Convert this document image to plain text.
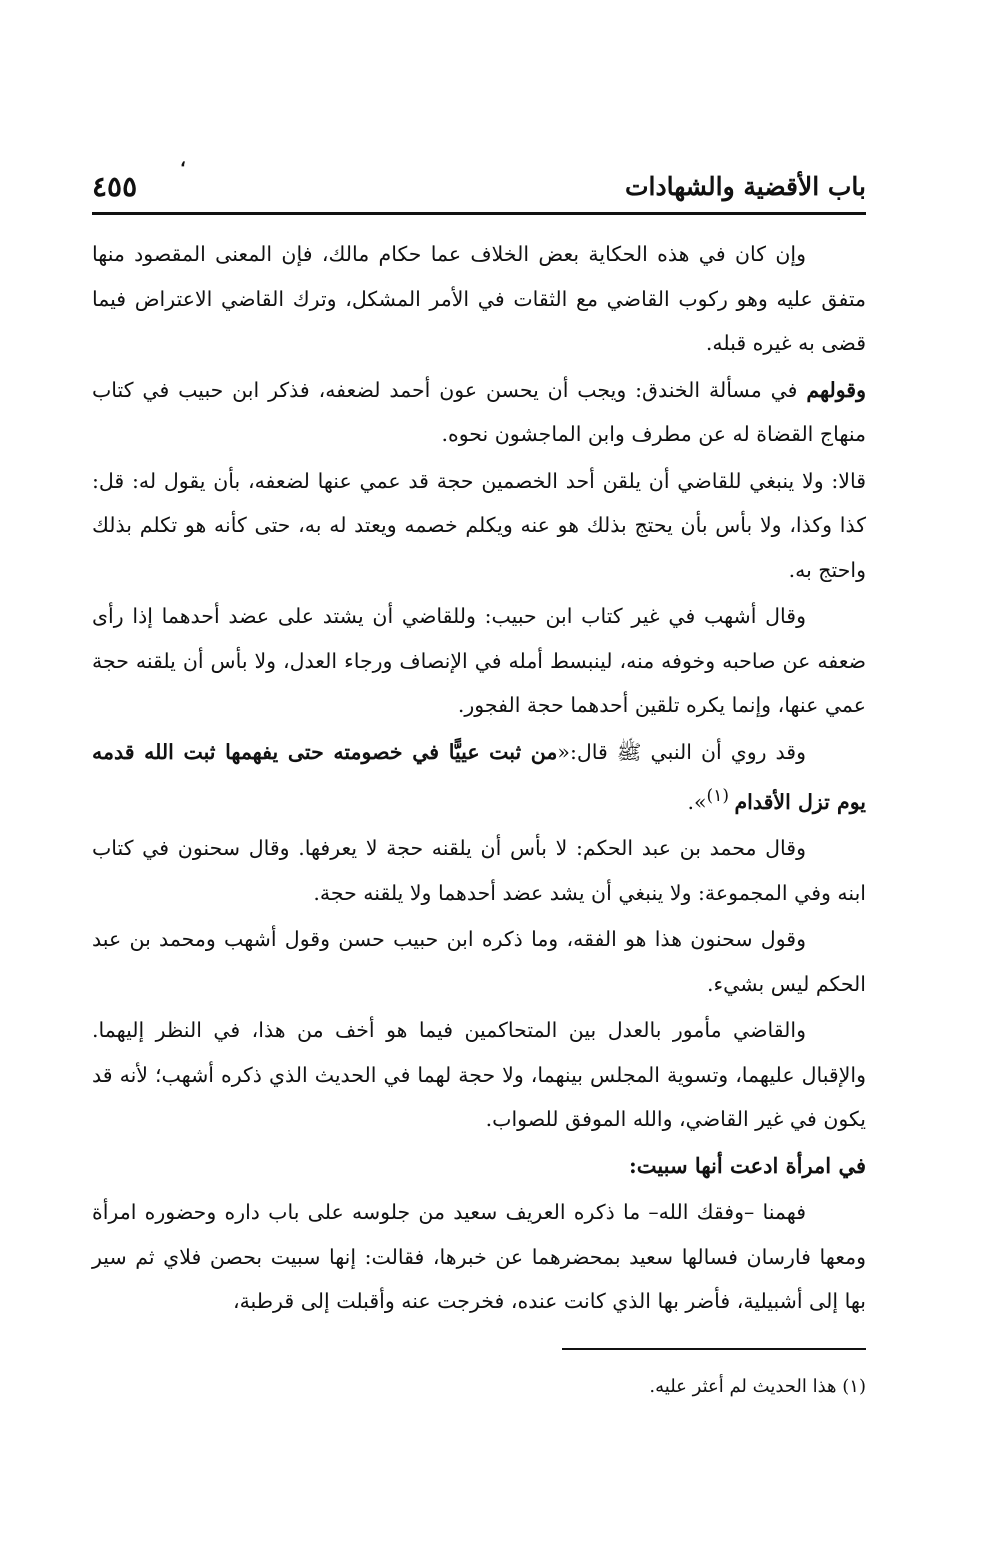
،
٤٥٥	باب الأقضية والشهادات

وإن كان في هذه الحكاية بعض الخلاف عما حكام مالك، فإن المعنى المقصود منها متفق عليه وهو ركوب القاضي مع الثقات في الأمر المشكل، وترك القاضي الاعتراض فيما قضى به غيره قبله.

وقولهم في مسألة الخندق: ويجب أن يحسن عون أحمد لضعفه، فذكر ابن حبيب في كتاب منهاج القضاة له عن مطرف وابن الماجشون نحوه.

قالا: ولا ينبغي للقاضي أن يلقن أحد الخصمين حجة قد عمي عنها لضعفه، بأن يقول له: قل: كذا وكذا، ولا بأس بأن يحتج بذلك هو عنه ويكلم خصمه ويعتد له به، حتى كأنه هو تكلم بذلك واحتج به.

وقال أشهب في غير كتاب ابن حبيب: وللقاضي أن يشتد على عضد أحدهما إذا رأى ضعفه عن صاحبه وخوفه منه، لينبسط أمله في الإنصاف ورجاء العدل، ولا بأس أن يلقنه حجة عمي عنها، وإنما يكره تلقين أحدهما حجة الفجور.

وقد روي أن النبي ﷺ قال:«من ثبت عييًّا في خصومته حتى يفهمها ثبت الله قدمه يوم تزل الأقدام $^{(١)}$».

وقال محمد بن عبد الحكم: لا بأس أن يلقنه حجة لا يعرفها. وقال سحنون في كتاب ابنه وفي المجموعة: ولا ينبغي أن يشد عضد أحدهما ولا يلقنه حجة.

وقول سحنون هذا هو الفقه، وما ذكره ابن حبيب حسن وقول أشهب ومحمد بن عبد الحكم ليس بشيء.

والقاضي مأمور بالعدل بين المتحاكمين فيما هو أخف من هذا، في النظر إليهما. والإقبال عليهما، وتسوية المجلس بينهما، ولا حجة لهما في الحديث الذي ذكره أشهب؛ لأنه قد يكون في غير القاضي، والله الموفق للصواب.

في امرأة ادعت أنها سبيت:

فهمنا –وفقك الله– ما ذكره العريف سعيد من جلوسه على باب داره وحضوره امرأة ومعها فارسان فسالها سعيد بمحضرهما عن خبرها، فقالت: إنها سبيت بحصن فلاي ثم سير بها إلى أشبيلية، فأضر بها الذي كانت عنده، فخرجت عنه وأقبلت إلى قرطبة،

(١) هذا الحديث لم أعثر عليه.
